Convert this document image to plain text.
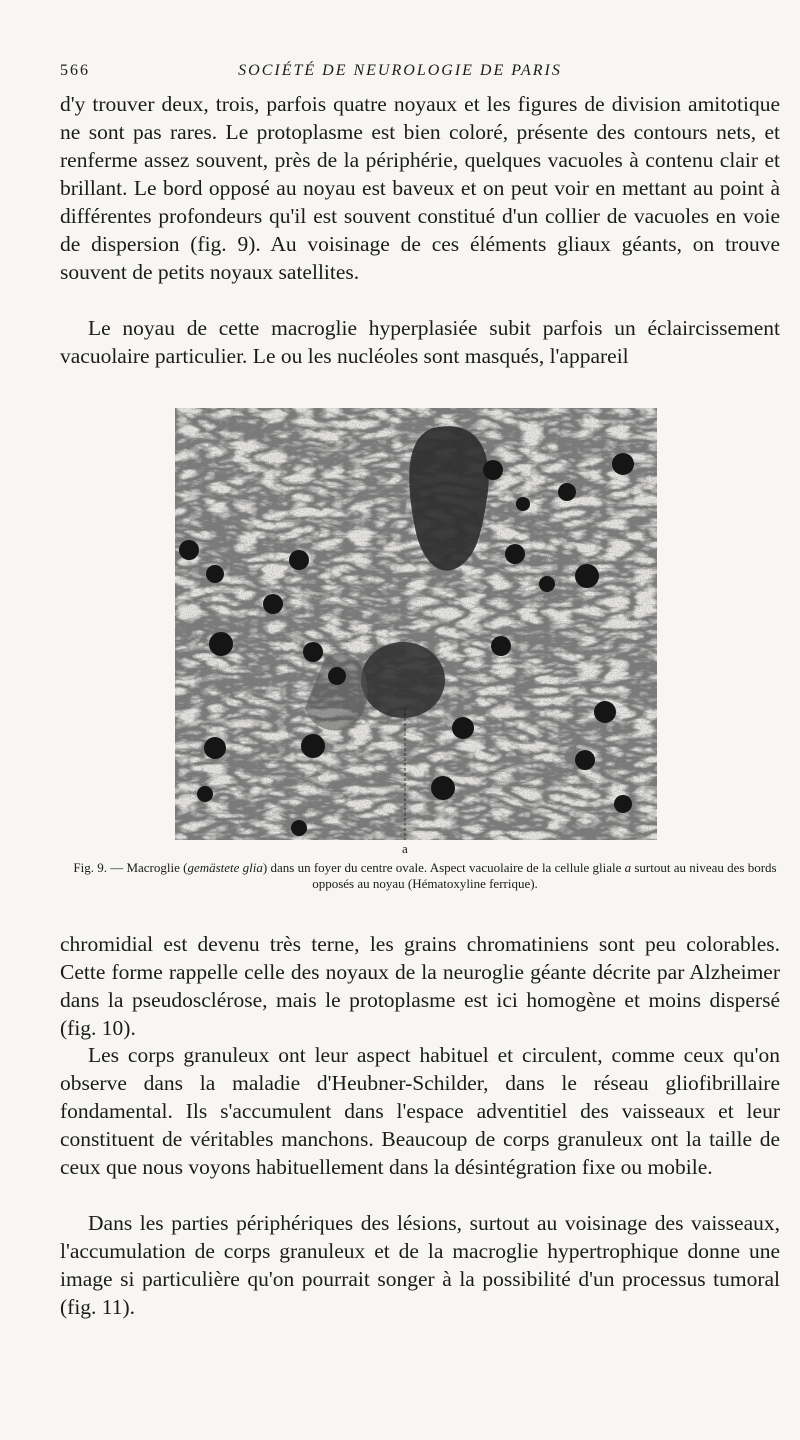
566	SOCIÉTÉ DE NEUROLOGIE DE PARIS

d'y trouver deux, trois, parfois quatre noyaux et les figures de division amitotique ne sont pas rares. Le protoplasme est bien coloré, présente des contours nets, et renferme assez souvent, près de la périphérie, quelques vacuoles à contenu clair et brillant. Le bord opposé au noyau est baveux et on peut voir en mettant au point à différentes profondeurs qu'il est souvent constitué d'un collier de vacuoles en voie de dispersion (fig. 9). Au voisinage de ces éléments gliaux géants, on trouve souvent de petits noyaux satellites.

Le noyau de cette macroglie hyperplasiée subit parfois un éclaircissement vacuolaire particulier. Le ou les nucléoles sont masqués, l'appareil

a
Fig. 9. — Macroglie (gemästete glia) dans un foyer du centre ovale. Aspect vacuolaire de la cellule gliale a surtout au niveau des bords opposés au noyau (Hématoxyline ferrique).

chromidial est devenu très terne, les grains chromatiniens sont peu colorables. Cette forme rappelle celle des noyaux de la neuroglie géante décrite par Alzheimer dans la pseudosclérose, mais le protoplasme est ici homogène et moins dispersé (fig. 10).

Les corps granuleux ont leur aspect habituel et circulent, comme ceux qu'on observe dans la maladie d'Heubner-Schilder, dans le réseau gliofibrillaire fondamental. Ils s'accumulent dans l'espace adventitiel des vaisseaux et leur constituent de véritables manchons. Beaucoup de corps granuleux ont la taille de ceux que nous voyons habituellement dans la désintégration fixe ou mobile.

Dans les parties périphériques des lésions, surtout au voisinage des vaisseaux, l'accumulation de corps granuleux et de la macroglie hypertrophique donne une image si particulière qu'on pourrait songer à la possibilité d'un processus tumoral (fig. 11).
